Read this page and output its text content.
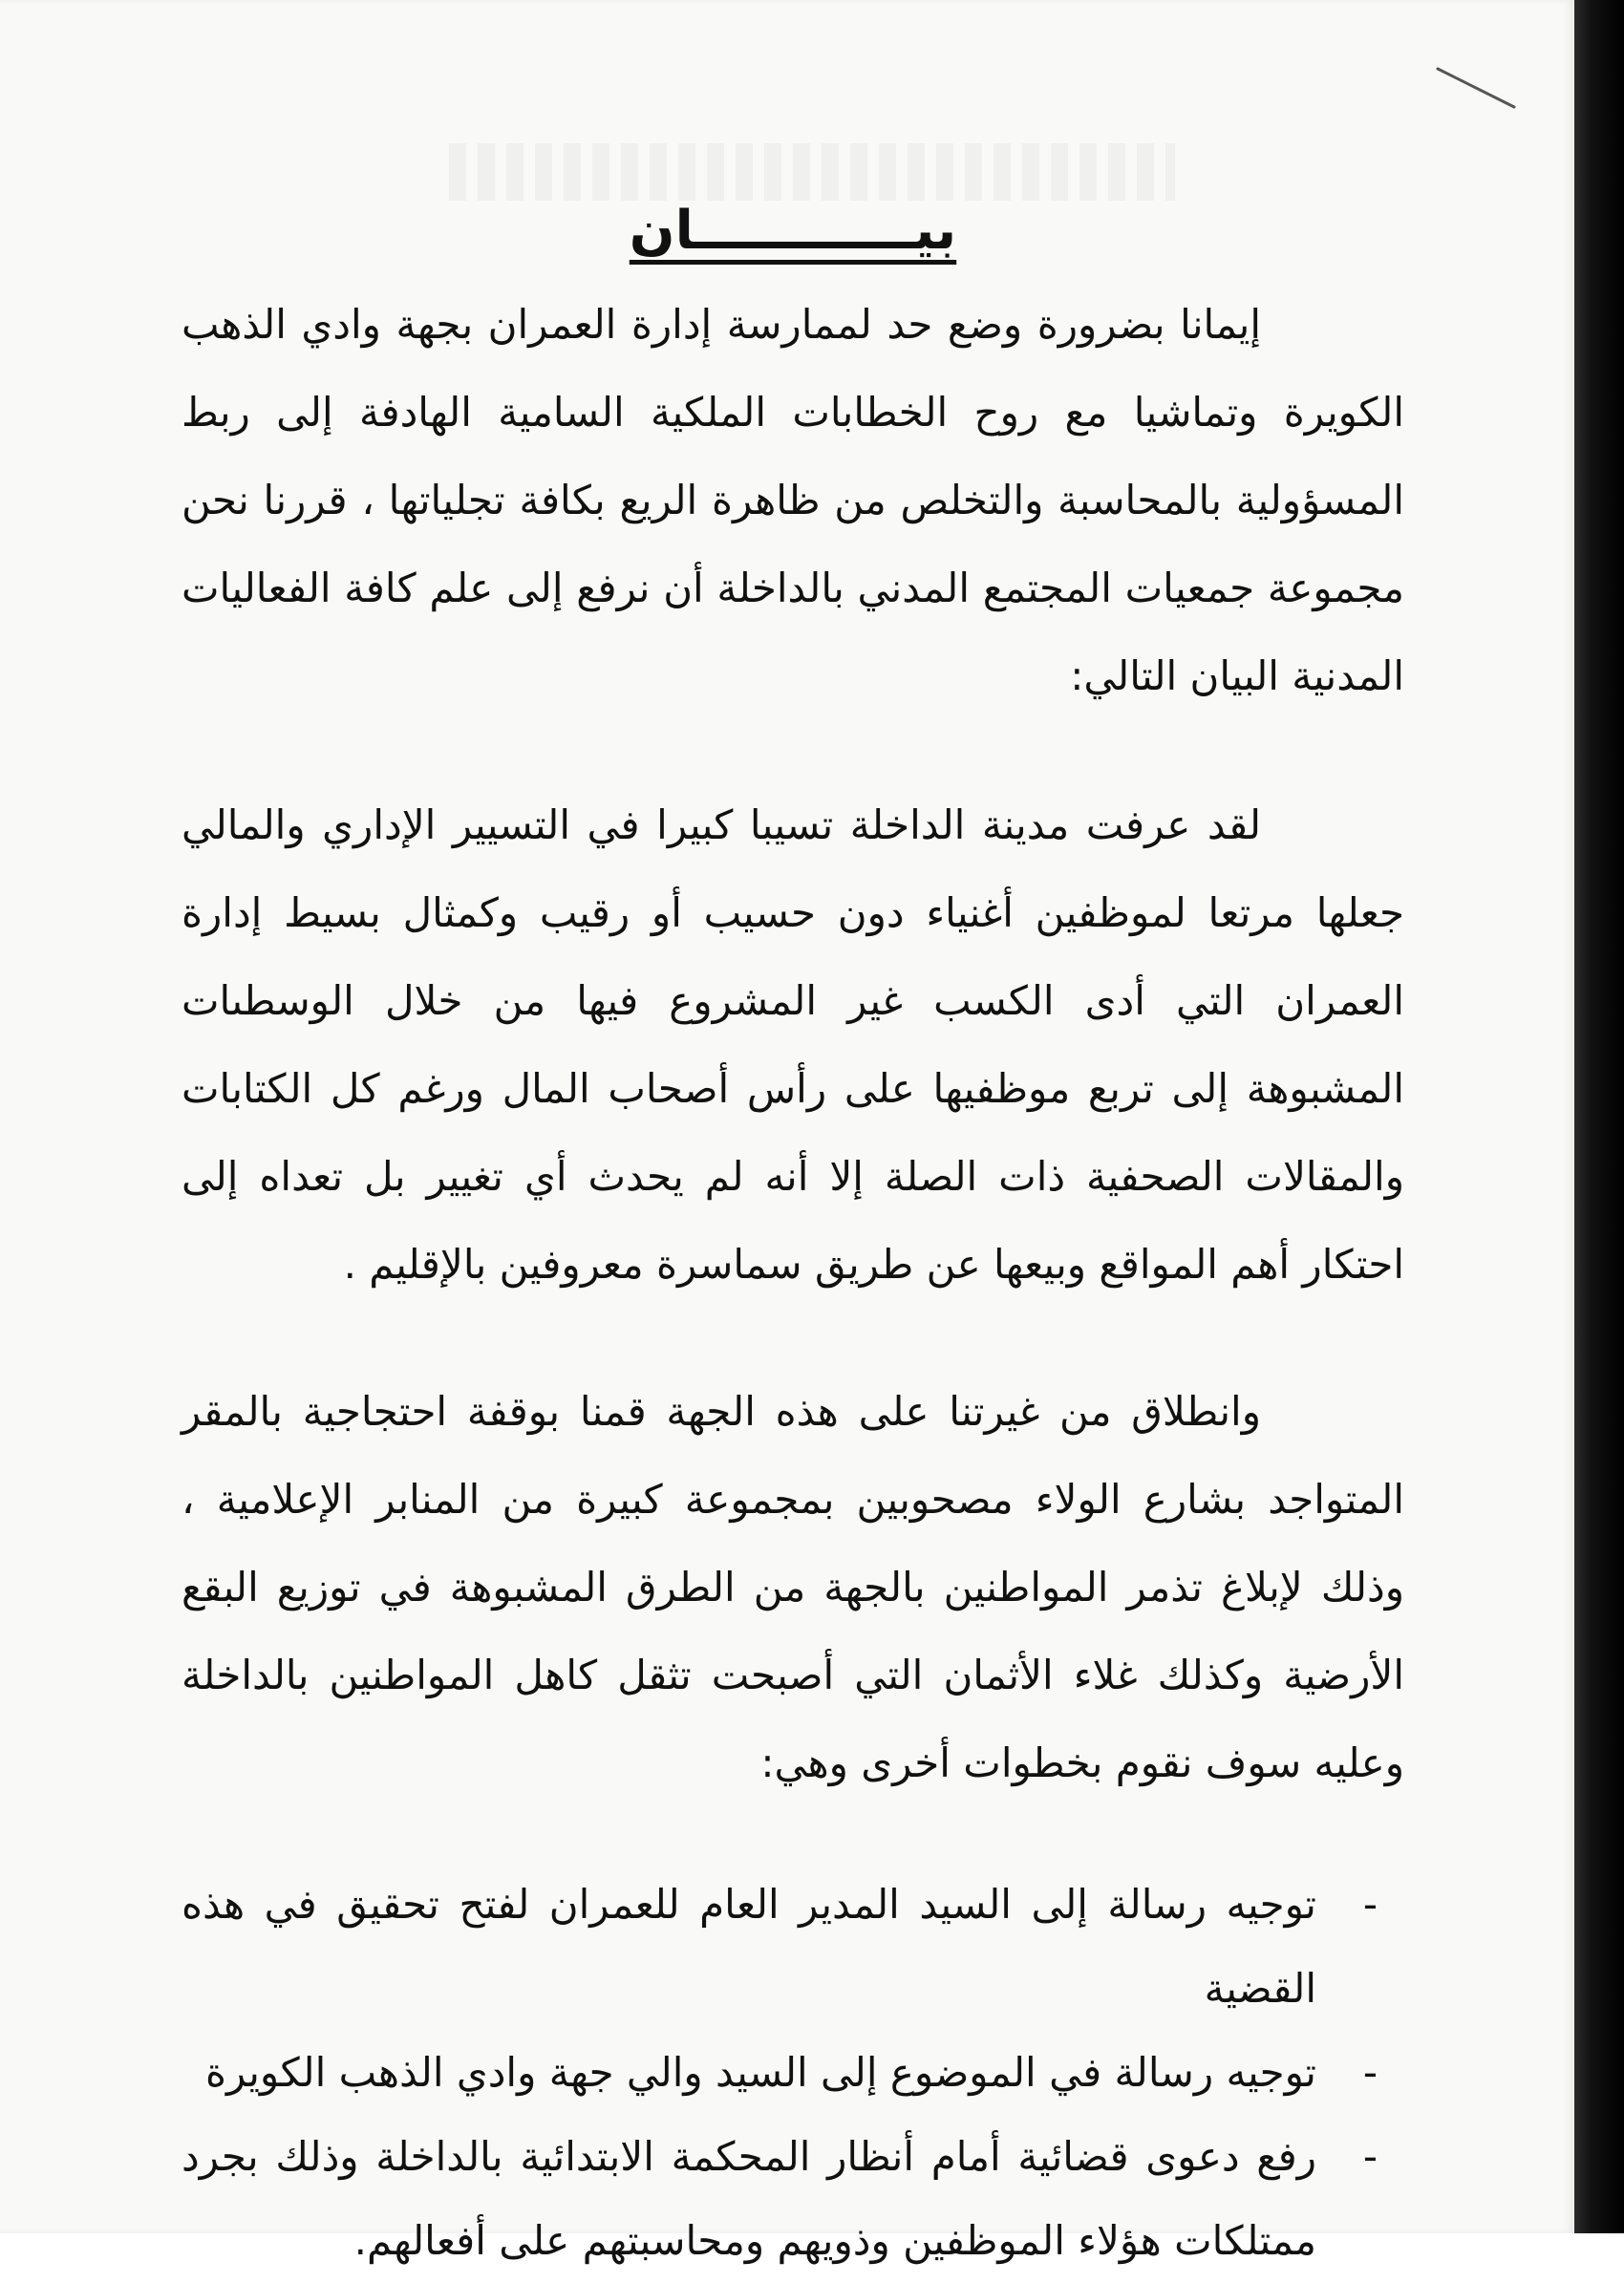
بيــــــــــــان

إيمانا بضرورة وضع حد لممارسة إدارة العمران بجهة وادي الذهب الكويرة وتماشيا مع روح الخطابات الملكية السامية الهادفة إلى ربط المسؤولية بالمحاسبة والتخلص من ظاهرة الريع بكافة تجلياتها ، قررنا نحن مجموعة جمعيات المجتمع المدني بالداخلة أن نرفع إلى علم كافة الفعاليات المدنية البيان التالي:

لقد عرفت مدينة الداخلة تسيبا كبيرا في التسيير الإداري والمالي جعلها مرتعا لموظفين أغنياء دون حسيب أو رقيب وكمثال بسيط إدارة العمران التي أدى الكسب غير المشروع فيها من خلال الوسطىات المشبوهة إلى تربع موظفيها على رأس أصحاب المال ورغم كل الكتابات والمقالات الصحفية ذات الصلة إلا أنه لم يحدث أي تغيير بل تعداه إلى احتكار أهم المواقع وبيعها عن طريق سماسرة معروفين بالإقليم .

وانطلاق من غيرتنا على هذه الجهة قمنا بوقفة احتجاجية بالمقر المتواجد بشارع الولاء مصحوبين بمجموعة كبيرة من المنابر الإعلامية ، وذلك لإبلاغ تذمر المواطنين بالجهة من الطرق المشبوهة في توزيع البقع الأرضية وكذلك غلاء الأثمان التي أصبحت تثقل كاهل المواطنين بالداخلة وعليه سوف نقوم بخطوات أخرى وهي:

-
توجيه رسالة إلى السيد المدير العام للعمران لفتح تحقيق في هذه القضية
-
توجيه رسالة في الموضوع إلى السيد والي جهة وادي الذهب الكويرة
-
رفع دعوى قضائية أمام أنظار المحكمة الابتدائية بالداخلة وذلك بجرد ممتلكات هؤلاء الموظفين وذويهم ومحاسبتهم على أفعالهم.
